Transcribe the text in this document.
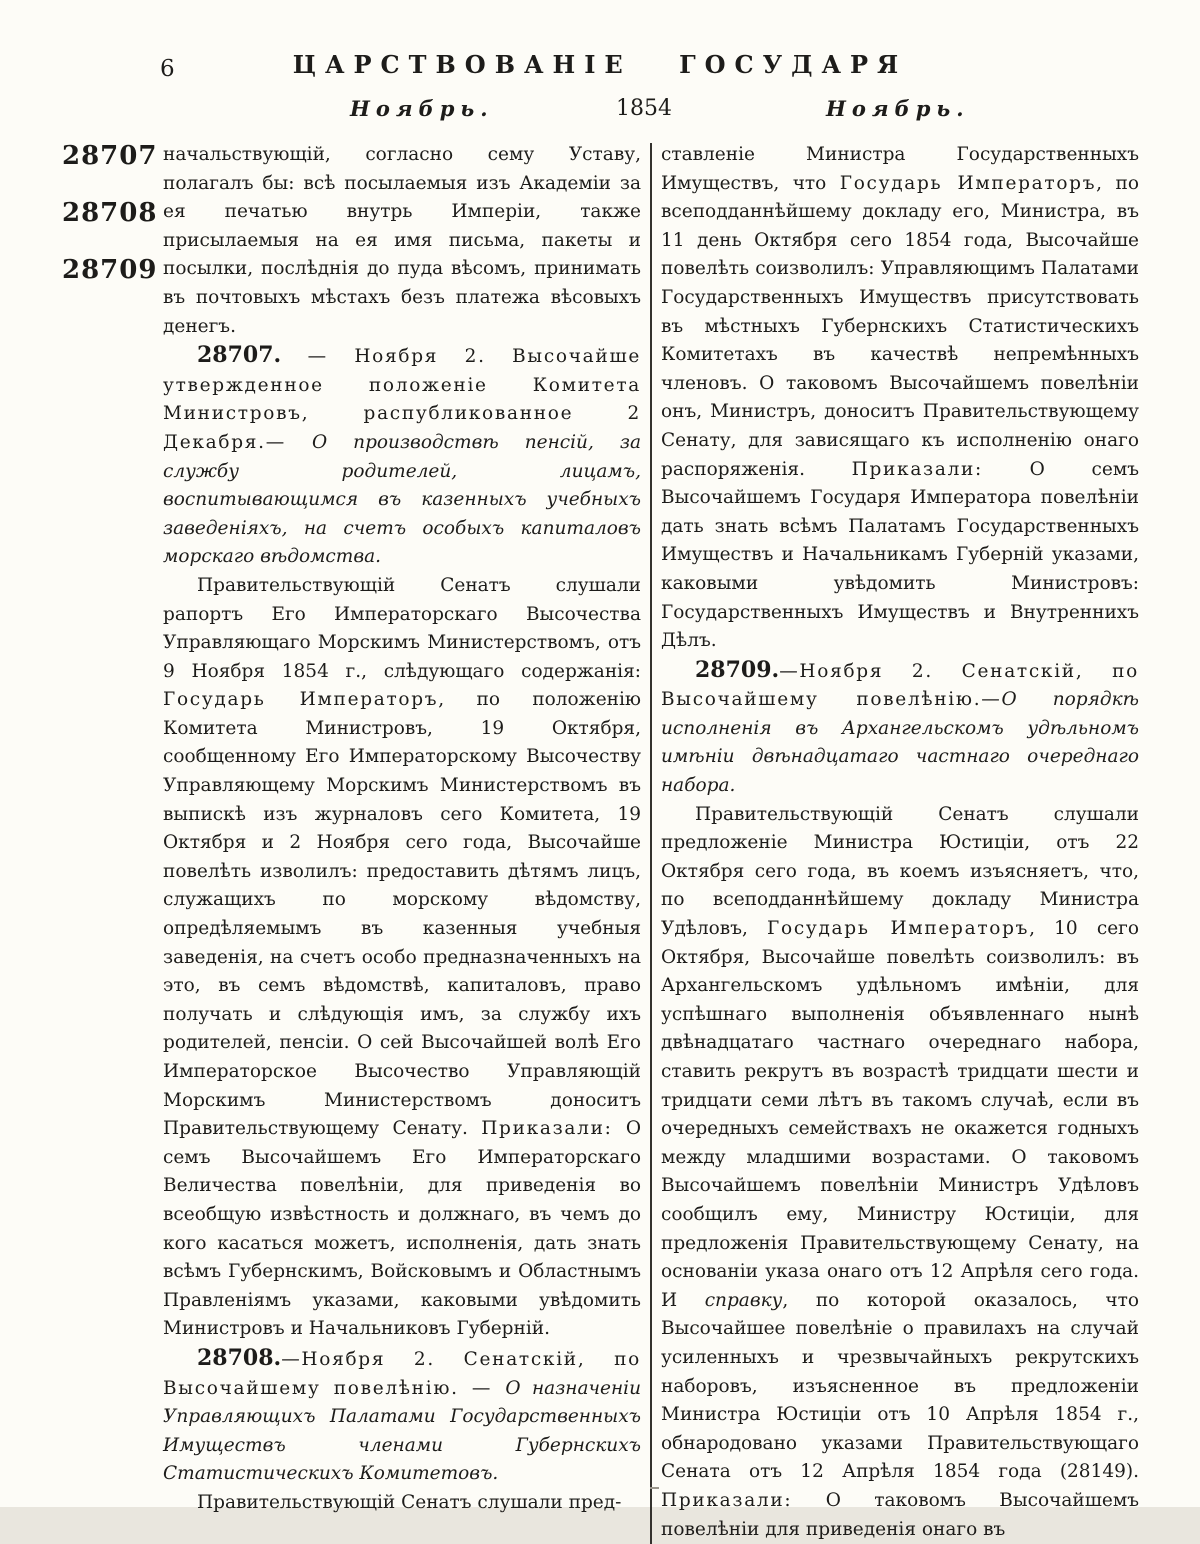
6	ЦАРСТВОВАНІЕ ГОСУДАРЯ
Ноябрь.	1854	Ноябрь.
28707
28708
28709

начальствующій, согласно сему Уставу, полагалъ бы: всѣ посылаемыя изъ Академіи за ея печатью внутрь Имперіи, также присылаемыя на ея имя письма, пакеты и посылки, послѣднія до пуда вѣсомъ, принимать въ почтовыхъ мѣстахъ безъ платежа вѣсовыхъ денегъ.

28707. — Ноября 2. Высочайше утвержденное положеніе Комитета Министровъ, распубликованное 2 Декабря.— О производствѣ пенсій, за службу родителей, лицамъ, воспитывающимся въ казенныхъ учебныхъ заведеніяхъ, на счетъ особыхъ капиталовъ морскаго вѣдомства.

Правительствующій Сенатъ слушали рапортъ Его Императорскаго Высочества Управляющаго Морскимъ Министерствомъ, отъ 9 Ноября 1854 г., слѣдующаго содержанія: Государь Императоръ, по положенію Комитета Министровъ, 19 Октября, сообщенному Его Императорскому Высочеству Управляющему Морскимъ Министерствомъ въ выпискѣ изъ журналовъ сего Комитета, 19 Октября и 2 Ноября сего года, Высочайше повелѣть изволилъ: предоставить дѣтямъ лицъ, служащихъ по морскому вѣдомству, опредѣляемымъ въ казенныя учебныя заведенія, на счетъ особо предназначенныхъ на это, въ семъ вѣдомствѣ, капиталовъ, право получать и слѣдующія имъ, за службу ихъ родителей, пенсіи. О сей Высочайшей волѣ Его Императорское Высочество Управляющій Морскимъ Министерствомъ доноситъ Правительствующему Сенату. Приказали: О семъ Высочайшемъ Его Императорскаго Величества повелѣніи, для приведенія во всеобщую извѣстность и должнаго, въ чемъ до кого касаться можетъ, исполненія, дать знать всѣмъ Губернскимъ, Войсковымъ и Областнымъ Правленіямъ указами, каковыми увѣдомить Министровъ и Начальниковъ Губерній.

28708.—Ноября 2. Сенатскій, по Высочайшему повелѣнію. — О назначеніи Управляющихъ Палатами Государственныхъ Имуществъ членами Губернскихъ Статистическихъ Комитетовъ.

Правительствующій Сенатъ слушали пред-

ставленіе Министра Государственныхъ Имуществъ, что Государь Императоръ, по всеподданнѣйшему докладу его, Министра, въ 11 день Октября сего 1854 года, Высочайше повелѣть соизволилъ: Управляющимъ Палатами Государственныхъ Имуществъ присутствовать въ мѣстныхъ Губернскихъ Статистическихъ Комитетахъ въ качествѣ непремѣнныхъ членовъ. О таковомъ Высочайшемъ повелѣніи онъ, Министръ, доноситъ Правительствующему Сенату, для зависящаго къ исполненію онаго распоряженія. Приказали: О семъ Высочайшемъ Государя Императора повелѣніи дать знать всѣмъ Палатамъ Государственныхъ Имуществъ и Начальникамъ Губерній указами, каковыми увѣдомить Министровъ: Государственныхъ Имуществъ и Внутреннихъ Дѣлъ.

28709.—Ноября 2. Сенатскій, по Высочайшему повелѣнію.—О порядкѣ исполненія въ Архангельскомъ удѣльномъ имѣніи двѣнадцатаго частнаго очереднаго набора.

Правительствующій Сенатъ слушали предложеніе Министра Юстиціи, отъ 22 Октября сего года, въ коемъ изъясняетъ, что, по всеподданнѣйшему докладу Министра Удѣловъ, Государь Императоръ, 10 сего Октября, Высочайше повелѣть соизволилъ: въ Архангельскомъ удѣльномъ имѣніи, для успѣшнаго выполненія объявленнаго нынѣ двѣнадцатаго частнаго очереднаго набора, ставить рекрутъ въ возрастѣ тридцати шести и тридцати семи лѣтъ въ такомъ случаѣ, если въ очередныхъ семействахъ не окажется годныхъ между младшими возрастами. О таковомъ Высочайшемъ повелѣніи Министръ Удѣловъ сообщилъ ему, Министру Юстиціи, для предложенія Правительствующему Сенату, на основаніи указа онаго отъ 12 Апрѣля сего года. И справку, по которой оказалось, что Высочайшее повелѣніе о правилахъ на случай усиленныхъ и чрезвычайныхъ рекрутскихъ наборовъ, изъясненное въ предложеніи Министра Юстиціи отъ 10 Апрѣля 1854 г., обнародовано указами Правительствующаго Сената отъ 12 Апрѣля 1854 года (28149). Приказали: О таковомъ Высочайшемъ повелѣніи для приведенія онаго въ
